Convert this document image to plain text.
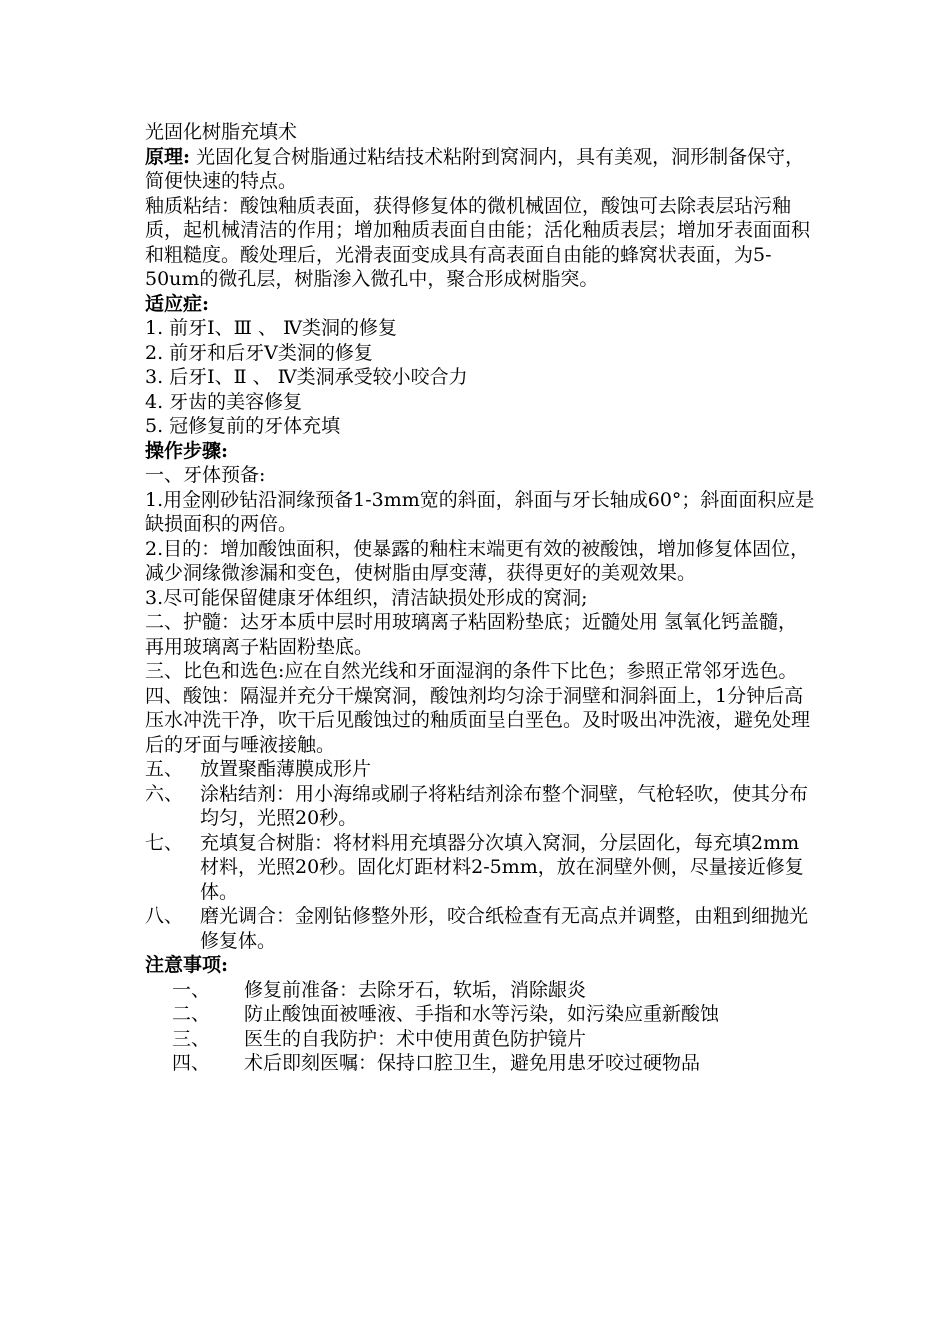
光固化树脂充填术

原理: 光固化复合树脂通过粘结技术粘附到窝洞内，具有美观，洞形制备保守，简便快速的特点。

釉质粘结：酸蚀釉质表面，获得修复体的微机械固位，酸蚀可去除表层玷污釉质，起机械清洁的作用；增加釉质表面自由能；活化釉质表层；增加牙表面面积和粗糙度。酸处理后，光滑表面变成具有高表面自由能的蜂窝状表面，为5-50um的微孔层，树脂渗入微孔中，聚合形成树脂突。

适应症:

1. 前牙Ⅰ、Ⅲ 、 Ⅳ类洞的修复
2. 前牙和后牙Ⅴ类洞的修复
3. 后牙Ⅰ、Ⅱ 、 Ⅳ类洞承受较小咬合力
4. 牙齿的美容修复
5. 冠修复前的牙体充填

操作步骤:

一、牙体预备:

1.用金刚砂钻沿洞缘预备1-3mm宽的斜面，斜面与牙长轴成60°；斜面面积应是缺损面积的两倍。

2.目的：增加酸蚀面积，使暴露的釉柱末端更有效的被酸蚀，增加修复体固位，减少洞缘微渗漏和变色，使树脂由厚变薄，获得更好的美观效果。

3.尽可能保留健康牙体组织，清洁缺损处形成的窝洞;

二、护髓：达牙本质中层时用玻璃离子粘固粉垫底；近髓处用 氢氧化钙盖髓，再用玻璃离子粘固粉垫底。

三、比色和选色:应在自然光线和牙面湿润的条件下比色；参照正常邻牙选色。

四、酸蚀：隔湿并充分干燥窝洞，酸蚀剂均匀涂于洞壁和洞斜面上，1分钟后高压水冲洗干净，吹干后见酸蚀过的釉质面呈白垩色。及时吸出冲洗液，避免处理后的牙面与唾液接触。

五、 放置聚酯薄膜成形片
六、 涂粘结剂：用小海绵或刷子将粘结剂涂布整个洞壁，气枪轻吹，使其分布均匀，光照20秒。
七、 充填复合树脂：将材料用充填器分次填入窝洞，分层固化，每充填2mm材料，光照20秒。固化灯距材料2-5mm，放在洞壁外侧，尽量接近修复体。
八、 磨光调合：金刚钻修整外形，咬合纸检查有无高点并调整，由粗到细抛光修复体。

注意事项:

一、	修复前准备：去除牙石，软垢，消除龈炎
二、	防止酸蚀面被唾液、手指和水等污染，如污染应重新酸蚀
三、	医生的自我防护：术中使用黄色防护镜片
四、	术后即刻医嘱：保持口腔卫生，避免用患牙咬过硬物品
